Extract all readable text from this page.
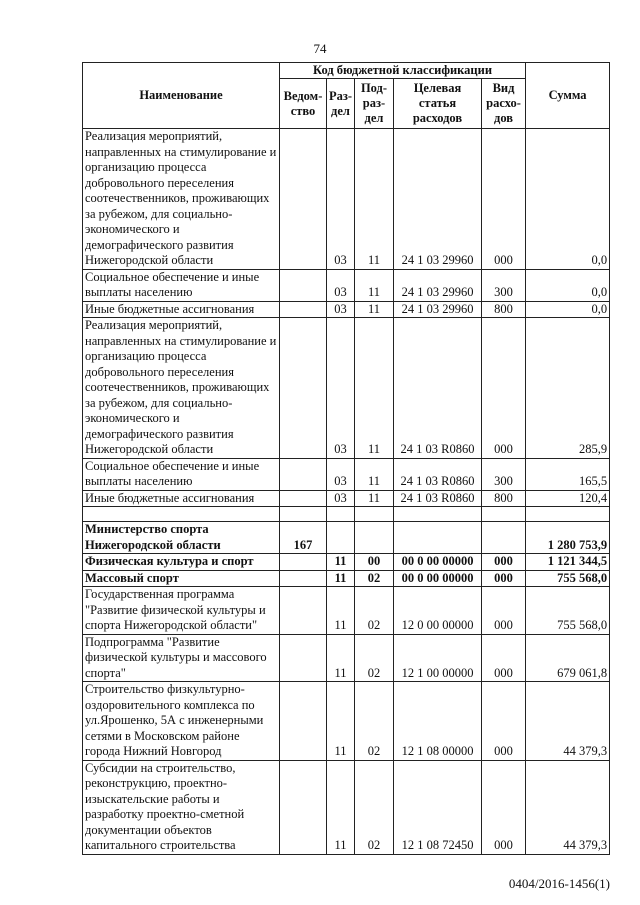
74
Наименование	Код бюджетной классификации					Сумма
	Ведом-ство	Раз-дел	Под-раз-дел	Целевая статья расходов	Вид расхо-дов	
Реализация мероприятий, направленных на стимулирование и организацию процесса добровольного переселения соотечественников, проживающих за рубежом, для социально-экономического и демографического развития Нижегородской области		03	11	24 1 03 29960	000	0,0
Социальное обеспечение и иные выплаты населению		03	11	24 1 03 29960	300	0,0
Иные бюджетные ассигнования		03	11	24 1 03 29960	800	0,0
Реализация мероприятий, направленных на стимулирование и организацию процесса добровольного переселения соотечественников, проживающих за рубежом, для социально-экономического и демографического развития Нижегородской области		03	11	24 1 03 R0860	000	285,9
Социальное обеспечение и иные выплаты населению		03	11	24 1 03 R0860	300	165,5
Иные бюджетные ассигнования		03	11	24 1 03 R0860	800	120,4

Министерство спорта Нижегородской области	167					1 280 753,9
Физическая культура и спорт		11	00	00 0 00 00000	000	1 121 344,5
Массовый спорт		11	02	00 0 00 00000	000	755 568,0
Государственная программа "Развитие физической культуры и спорта Нижегородской области"		11	02	12 0 00 00000	000	755 568,0
Подпрограмма "Развитие физической культуры и массового спорта"		11	02	12 1 00 00000	000	679 061,8
Строительство физкультурно-оздоровительного комплекса по ул.Ярошенко, 5А с инженерными сетями в Московском районе города Нижний Новгород		11	02	12 1 08 00000	000	44 379,3
Субсидии на строительство, реконструкцию, проектно-изыскательские работы и разработку проектно-сметной документации объектов капитального строительства		11	02	12 1 08 72450	000	44 379,3
0404/2016-1456(1)
